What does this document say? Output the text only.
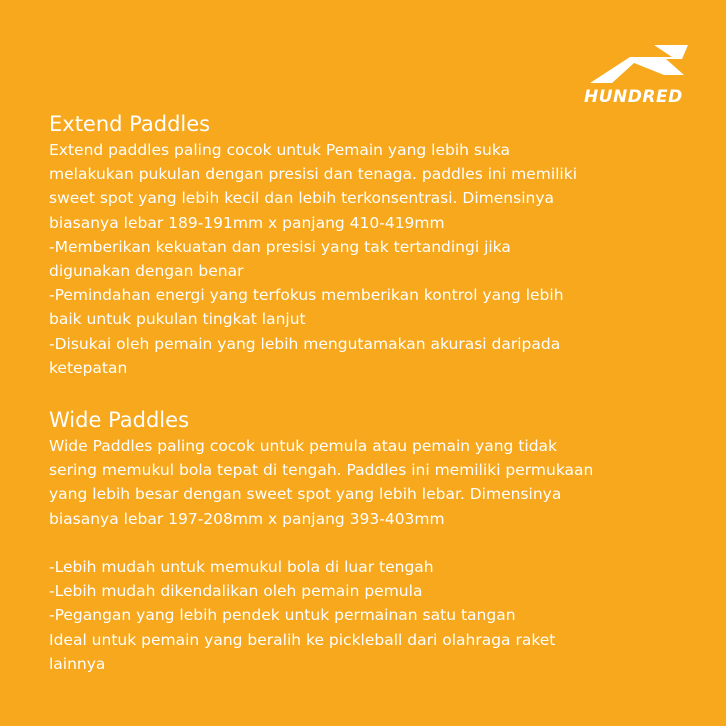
HUNDRED
Extend Paddles

Extend paddles paling cocok untuk Pemain yang lebih suka

melakukan pukulan dengan presisi dan tenaga. paddles ini memiliki

sweet spot yang lebih kecil dan lebih terkonsentrasi. Dimensinya

biasanya lebar 189-191mm x panjang 410-419mm

-Memberikan kekuatan dan presisi yang tak tertandingi jika

digunakan dengan benar

-Pemindahan energi yang terfokus memberikan kontrol yang lebih

baik untuk pukulan tingkat lanjut

-Disukai oleh pemain yang lebih mengutamakan akurasi daripada

ketepatan

Wide Paddles

Wide Paddles paling cocok untuk pemula atau pemain yang tidak

sering memukul bola tepat di tengah. Paddles ini memiliki permukaan

yang lebih besar dengan sweet spot yang lebih lebar. Dimensinya

biasanya lebar 197-208mm x panjang 393-403mm

-Lebih mudah untuk memukul bola di luar tengah

-Lebih mudah dikendalikan oleh pemain pemula

-Pegangan yang lebih pendek untuk permainan satu tangan

Ideal untuk pemain yang beralih ke pickleball dari olahraga raket

lainnya
